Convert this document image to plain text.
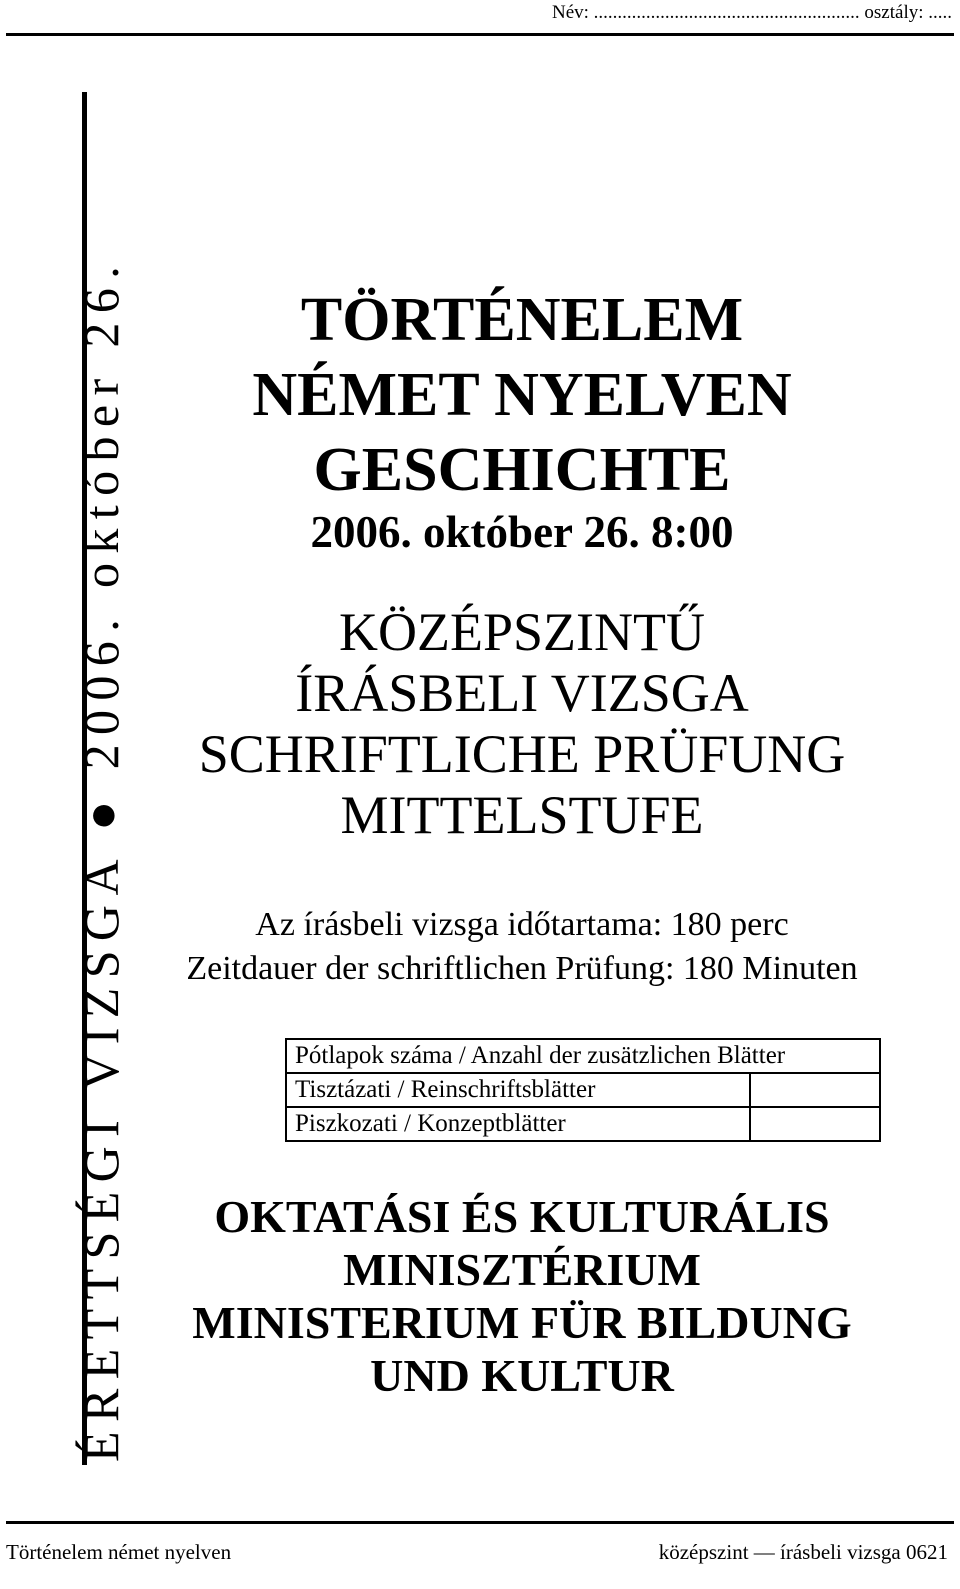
Név: ........................................................ osztály: .....
ÉRETTSÉGI VIZSGA ● 2006. október 26.	TÖRTÉNELEM
NÉMET NYELVEN
GESCHICHTE
2006. október 26. 8:00
KÖZÉPSZINTŰ
ÍRÁSBELI VIZSGA
SCHRIFTLICHE PRÜFUNG
MITTELSTUFE
Az írásbeli vizsga időtartama: 180 perc
Zeitdauer der schriftlichen Prüfung: 180 Minuten
Pótlapok száma / Anzahl der zusätzlichen Blätter	
Tisztázati / Reinschriftsblätter	
Piszkozati / Konzeptblätter	
OKTATÁSI ÉS KULTURÁLIS
MINISZTÉRIUM
MINISTERIUM FÜR BILDUNG
UND KULTUR
Történelem német nyelven	középszint — írásbeli vizsga 0621
